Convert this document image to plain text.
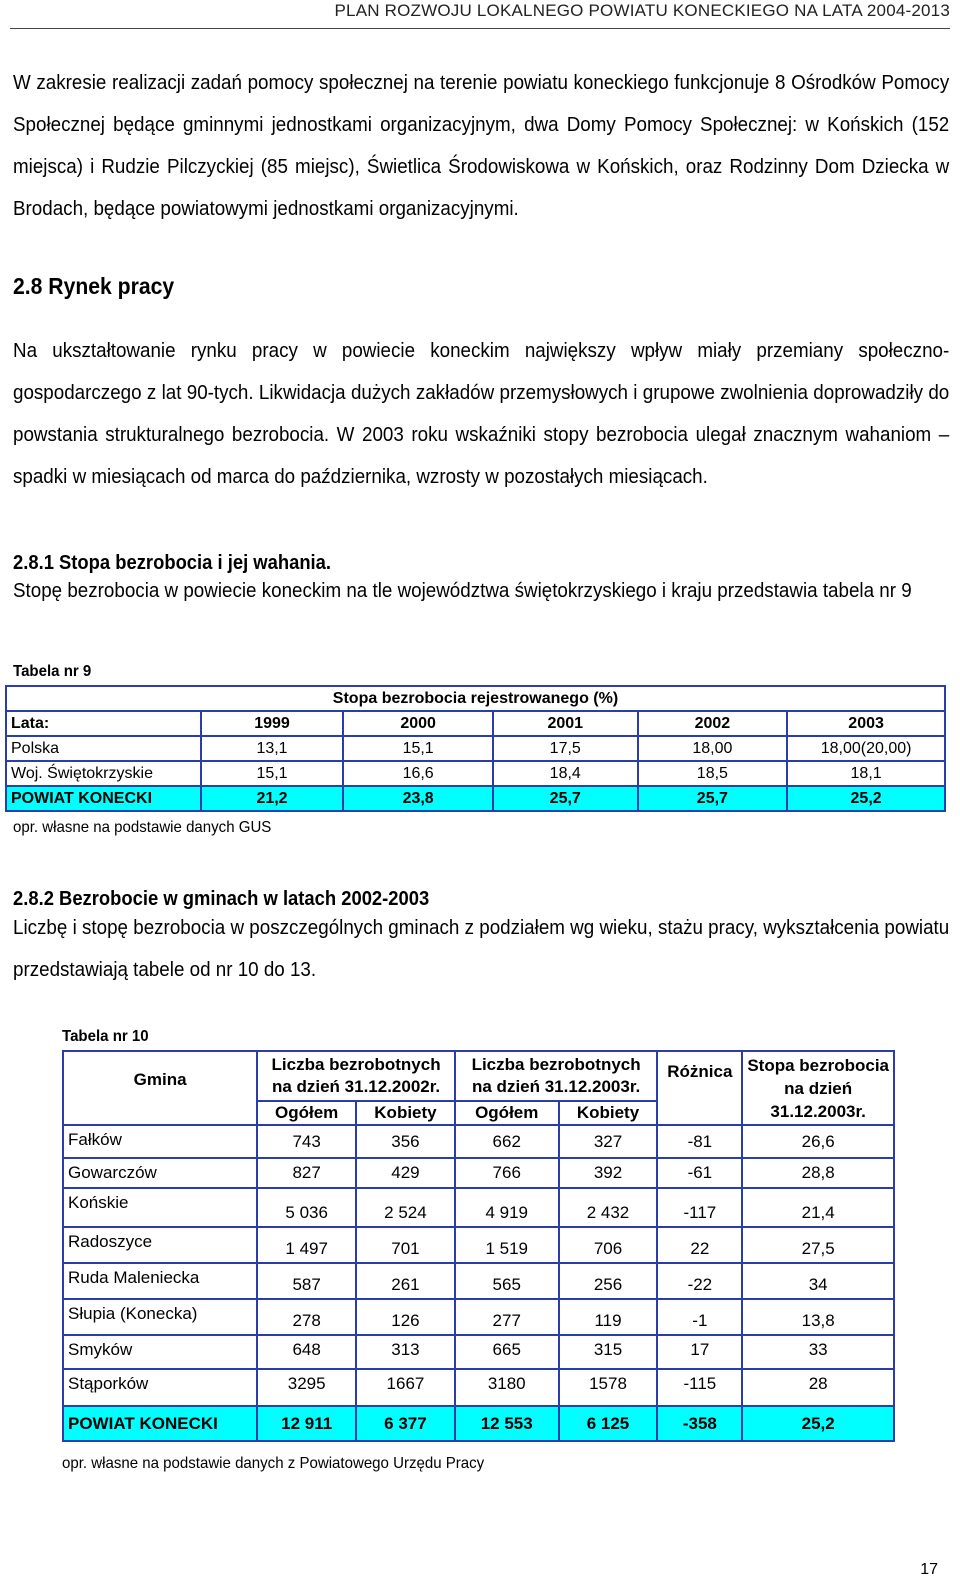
PLAN ROZWOJU LOKALNEGO POWIATU KONECKIEGO NA LATA 2004-2013
W zakresie realizacji zadań pomocy społecznej na terenie powiatu koneckiego funkcjonuje 8 Ośrodków Pomocy Społecznej będące gminnymi jednostkami organizacyjnym, dwa Domy Pomocy Społecznej: w Końskich (152 miejsca) i Rudzie Pilczyckiej (85 miejsc), Świetlica Środowiskowa w Końskich, oraz Rodzinny Dom Dziecka w Brodach, będące powiatowymi jednostkami organizacyjnymi.
2.8 Rynek pracy
Na ukształtowanie rynku pracy w powiecie koneckim największy wpływ miały przemiany społeczno-gospodarczego z lat 90-tych. Likwidacja dużych zakładów przemysłowych i grupowe zwolnienia doprowadziły do powstania strukturalnego bezrobocia. W 2003 roku wskaźniki stopy bezrobocia ulegał znacznym wahaniom – spadki w miesiącach od marca do października, wzrosty w pozostałych miesiącach.
2.8.1 Stopa bezrobocia i jej wahania.
Stopę bezrobocia w powiecie koneckim na tle województwa świętokrzyskiego i kraju przedstawia tabela nr 9
Tabela nr 9
Stopa bezrobocia rejestrowanego (%)					
Lata:	1999	2000	2001	2002	2003
Polska	13,1	15,1	17,5	18,00	18,00(20,00)
Woj. Świętokrzyskie	15,1	16,6	18,4	18,5	18,1
POWIAT KONECKI	21,2	23,8	25,7	25,7	25,2
opr. własne na podstawie danych GUS
2.8.2 Bezrobocie w gminach w latach 2002-2003
Liczbę i stopę bezrobocia w poszczególnych gminach z podziałem wg wieku, stażu pracy, wykształcenia powiatu przedstawiają tabele od nr 10 do 13.
Tabela nr 10
Gmina	Liczba bezrobotnych na dzień 31.12.2002r.		Liczba bezrobotnych na dzień 31.12.2003r.		Różnica	Stopa bezrobocia na dzień 31.12.2003r.
	Ogółem	Kobiety	Ogółem	Kobiety		
Fałków	743	356	662	327	-81	26,6
Gowarczów	827	429	766	392	-61	28,8
Końskie	5 036	2 524	4 919	2 432	-117	21,4
Radoszyce	1 497	701	1 519	706	22	27,5
Ruda Maleniecka	587	261	565	256	-22	34
Słupia (Konecka)	278	126	277	119	-1	13,8
Smyków	648	313	665	315	17	33
Stąporków	3295	1667	3180	1578	-115	28
POWIAT KONECKI	12 911	6 377	12 553	6 125	-358	25,2
opr. własne na podstawie danych z Powiatowego Urzędu Pracy
17
